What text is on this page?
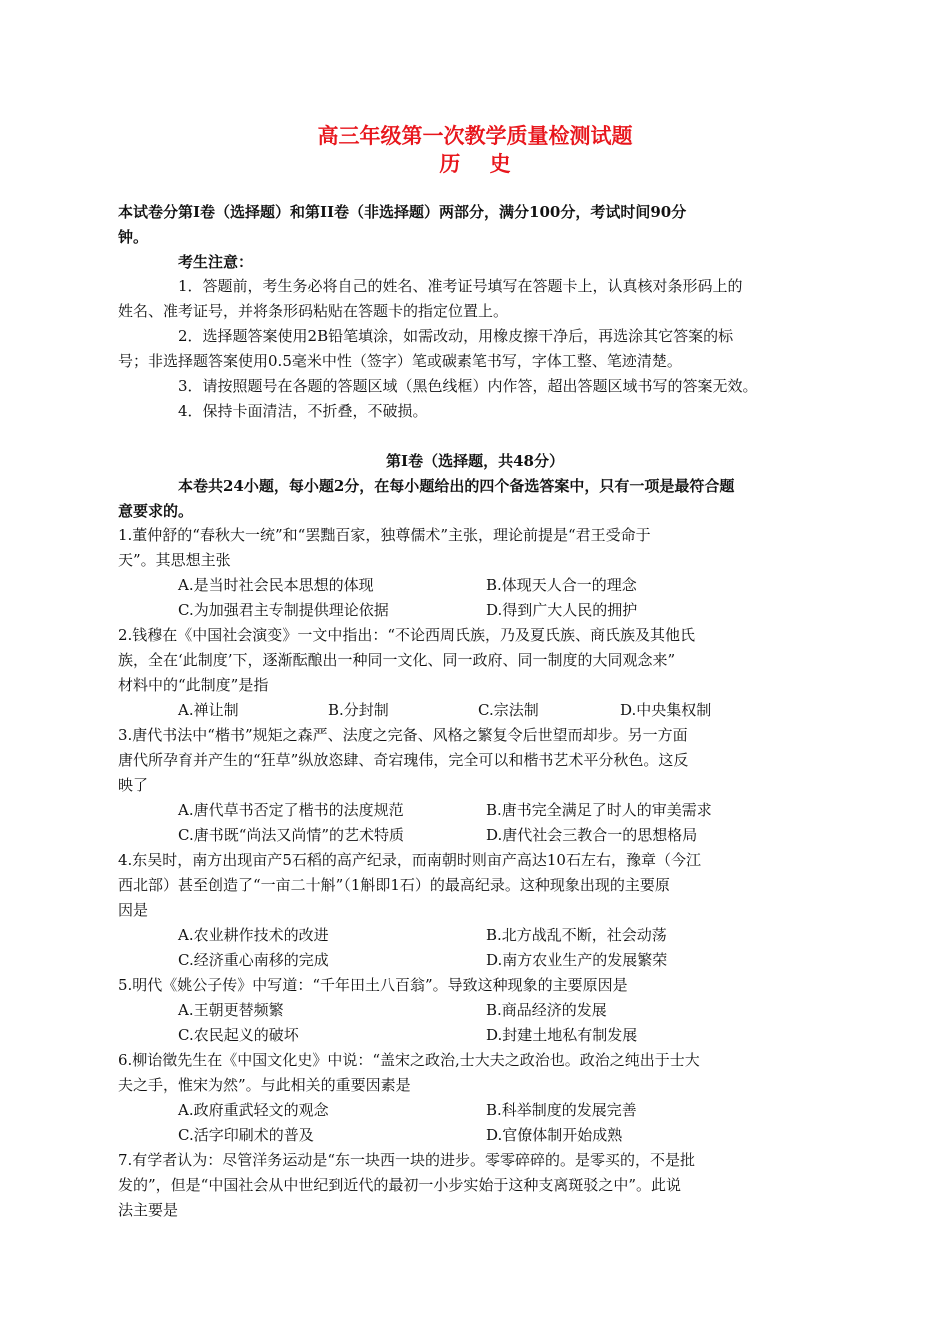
高三年级第一次教学质量检测试题
历    史
本试卷分第Ⅰ卷（选择题）和第II卷（非选择题）两部分，满分100分，考试时间90分
钟。
考生注意：
1．答题前，考生务必将自己的姓名、准考证号填写在答题卡上，认真核对条形码上的
姓名、准考证号，并将条形码粘贴在答题卡的指定位置上。
2．选择题答案使用2B铅笔填涂，如需改动，用橡皮擦干净后，再选涂其它答案的标
号；非选择题答案使用0.5毫米中性（签字）笔或碳素笔书写，字体工整、笔迹清楚。
3．请按照题号在各题的答题区域（黑色线框）内作答，超出答题区域书写的答案无效。
4．保持卡面清洁，不折叠，不破损。
第Ⅰ卷（选择题，共48分）
本卷共24小题，每小题2分，在每小题给出的四个备选答案中，只有一项是最符合题
意要求的。
1.董仲舒的“春秋大一统”和“罢黜百家，独尊儒术”主张，理论前提是“君王受命于
天”。其思想主张
A.是当时社会民本思想的体现	B.体现天人合一的理念
C.为加强君主专制提供理论依据	D.得到广大人民的拥护
2.钱穆在《中国社会演变》一文中指出：“不论西周氏族，乃及夏氏族、商氏族及其他氏
族，全在‘此制度’下，逐渐酝酿出一种同一文化、同一政府、同一制度的大同观念来”
材料中的“此制度”是指
A.禅让制	B.分封制	C.宗法制	D.中央集权制
3.唐代书法中“楷书”规矩之森严、法度之完备、风格之繁复令后世望而却步。另一方面
唐代所孕育并产生的“狂草”纵放恣肆、奇宕瑰伟，完全可以和楷书艺术平分秋色。这反
映了
A.唐代草书否定了楷书的法度规范	B.唐书完全满足了时人的审美需求
C.唐书既“尚法又尚情”的艺术特质	D.唐代社会三教合一的思想格局
4.东吴时，南方出现亩产5石稻的高产纪录，而南朝时则亩产高达10石左右，豫章（今江
西北部）甚至创造了“一亩二十斛”（1斛即1石）的最高纪录。这种现象出现的主要原
因是
A.农业耕作技术的改进	B.北方战乱不断，社会动荡
C.经济重心南移的完成	D.南方农业生产的发展繁荣
5.明代《姚公子传》中写道：“千年田土八百翁”。导致这种现象的主要原因是
A.王朝更替频繁	B.商品经济的发展
C.农民起义的破坏	D.封建土地私有制发展
6.柳诒徵先生在《中国文化史》中说：“盖宋之政治,士大夫之政治也。政治之纯出于士大
夫之手，惟宋为然”。与此相关的重要因素是
A.政府重武轻文的观念	B.科举制度的发展完善
C.活字印刷术的普及	D.官僚体制开始成熟
7.有学者认为：尽管洋务运动是“东一块西一块的进步。零零碎碎的。是零买的，不是批
发的”，但是“中国社会从中世纪到近代的最初一小步实始于这种支离斑驳之中”。此说
法主要是
